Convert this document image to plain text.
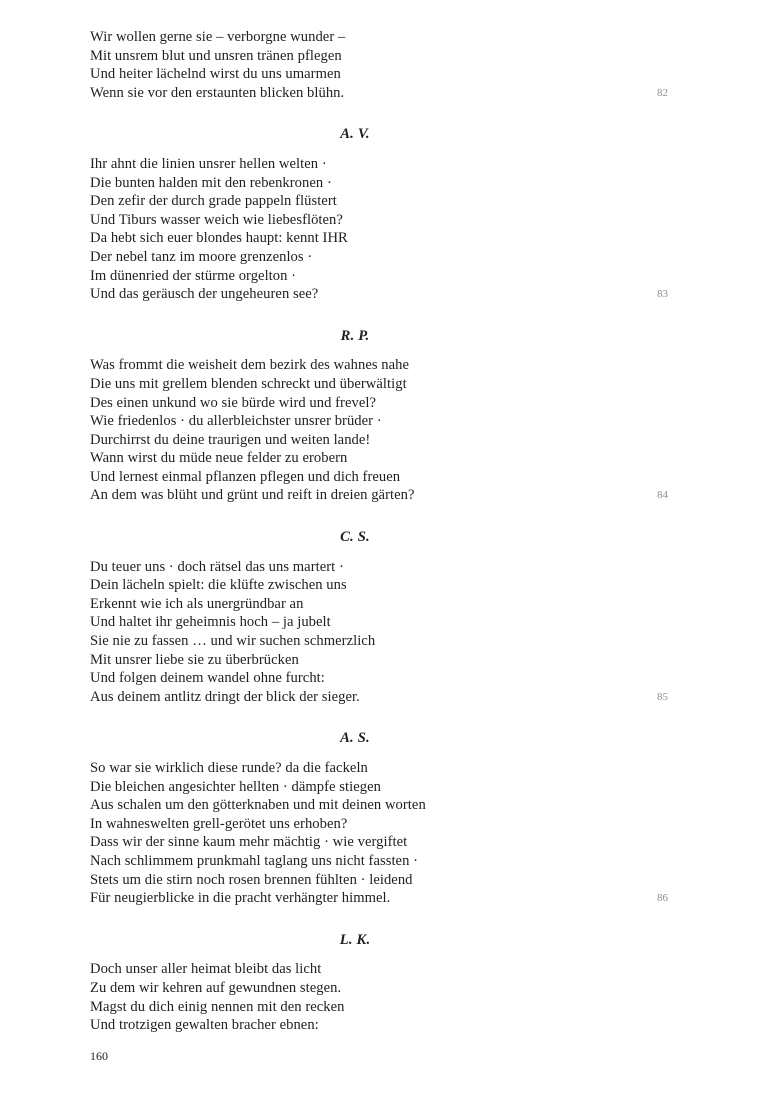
Wir wollen gerne sie – verborgne wunder –
Mit unsrem blut und unsren tränen pflegen
Und heiter lächelnd wirst du uns umarmen
Wenn sie vor den erstaunten blicken blühn.	82
A. V.
Ihr ahnt die linien unsrer hellen welten ·
Die bunten halden mit den rebenkronen ·
Den zefir der durch grade pappeln flüstert
Und Tiburs wasser weich wie liebesflöten?
Da hebt sich euer blondes haupt: kennt IHR
Der nebel tanz im moore grenzenlos ·
Im dünenried der stürme orgelton ·
Und das geräusch der ungeheuren see?	83
R. P.
Was frommt die weisheit dem bezirk des wahnes nahe
Die uns mit grellem blenden schreckt und überwältigt
Des einen unkund wo sie bürde wird und frevel?
Wie friedenlos · du allerbleichster unsrer brüder ·
Durchirrst du deine traurigen und weiten lande!
Wann wirst du müde neue felder zu erobern
Und lernest einmal pflanzen pflegen und dich freuen
An dem was blüht und grünt und reift in dreien gärten?	84
C. S.
Du teuer uns · doch rätsel das uns martert ·
Dein lächeln spielt: die klüfte zwischen uns
Erkennt wie ich als unergründbar an
Und haltet ihr geheimnis hoch – ja jubelt
Sie nie zu fassen … und wir suchen schmerzlich
Mit unsrer liebe sie zu überbrücken
Und folgen deinem wandel ohne furcht:
Aus deinem antlitz dringt der blick der sieger.	85
A. S.
So war sie wirklich diese runde? da die fackeln
Die bleichen angesichter hellten · dämpfe stiegen
Aus schalen um den götterknaben und mit deinen worten
In wahneswelten grell-gerötet uns erhoben?
Dass wir der sinne kaum mehr mächtig · wie vergiftet
Nach schlimmem prunkmahl taglang uns nicht fassten ·
Stets um die stirn noch rosen brennen fühlten · leidend
Für neugierblicke in die pracht verhängter himmel.	86
L. K.
Doch unser aller heimat bleibt das licht
Zu dem wir kehren auf gewundnen stegen.
Magst du dich einig nennen mit den recken
Und trotzigen gewalten bracher ebnen:
160
